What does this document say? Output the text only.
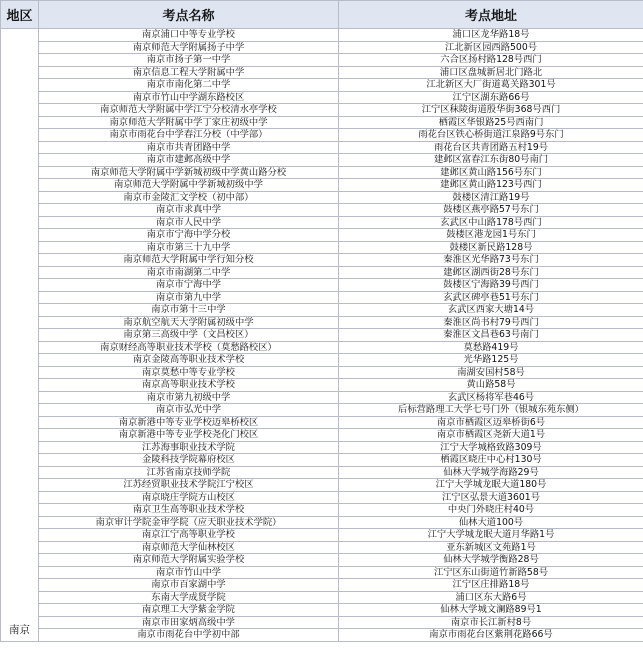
地区	考点名称	考点地址
南京	南京浦口中等专业学校	浦口区龙华路18号
	南京师范大学附属扬子中学	江北新区园西路500号
	南京市扬子第一中学	六合区扬村路128号西门
	南京信息工程大学附属中学	浦口区盘城新居北门路北
	南京市南化第二中学	江北新区大厂街道葛关路301号
	南京市竹山中学湖东路校区	江宁区湖东路66号
	南京师范大学附属中学江宁分校清水亭学校	江宁区秣陵街道殷华街368号西门
	南京师范大学附属中学丁家庄初级中学	栖霞区华银路25号西南门
	南京市雨花台中学春江分校（中学部）	雨花台区铁心桥街道江泉路9号东门
	南京市共青团路中学	雨花台区共青团路五村19号
	南京市建邺高级中学	建邺区富春江东街80号南门
	南京师范大学附属中学新城初级中学黄山路分校	建邺区黄山路156号东门
	南京师范大学附属中学新城初级中学	建邺区黄山路123号西门
	南京市金陵汇文学校（初中部）	鼓楼区清江路19号
	南京市求真中学	鼓楼区燕亭路57号东门
	南京市人民中学	玄武区中山路178号西门
	南京市宁海中学分校	鼓楼区港龙园1号东门
	南京市第三十九中学	鼓楼区新民路128号
	南京师范大学附属中学行知分校	秦淮区光华路73号东门
	南京市南湖第二中学	建邺区湖西街28号东门
	南京市宁海中学	鼓楼区宁海路39号西门
	南京市第九中学	玄武区碑亭巷51号东门
	南京市第十三中学	玄武区西家大塘14号
	南京航空航天大学附属初级中学	秦淮区尚书村79号西门
	南京第三高级中学（文昌校区）	秦淮区文昌巷63号南门
	南京财经高等职业技术学校（莫愁路校区）	莫愁路419号
	南京金陵高等职业技术学校	光华路125号
	南京莫愁中等专业学校	南湖安国村58号
	南京高等职业技术学校	黄山路58号
	南京市第九初级中学	玄武区杨将军巷46号
	南京市弘光中学	后标营路理工大学七号门外（银城东苑东侧）
	南京新港中等专业学校迈皋桥校区	南京市栖霞区迈皋桥街6号
	南京新港中等专业学校尧化门校区	南京市栖霞区尧新大道1号
	江苏海事职业技术学院	江宁大学城格致路309号
	金陵科技学院幕府校区	栖霞区晓庄中心村130号
	江苏省南京技师学院	仙林大学城学海路29号
	江苏经贸职业技术学院江宁校区	江宁大学城龙眠大道180号
	南京晓庄学院方山校区	江宁区弘景大道3601号
	南京卫生高等职业技术学校	中央门外晓庄村40号
	南京审计学院金审学院（应天职业技术学院）	仙林大道100号
	南京江宁高等职业学校	江宁大学城龙眠大道月华路1号
	南京师范大学仙林校区	亚东新城区文苑路1号
	南京师范大学附属实验学校	仙林大学城学衡路28号
	南京市竹山中学	江宁区东山街道竹新路58号
	南京市百家湖中学	江宁区庄排路18号
	东南大学成贤学院	浦口区东大路6号
	南京理工大学紫金学院	仙林大学城文澜路89号1
	南京市田家炳高级中学	南京市长江新村8号
	南京市雨花台中学初中部	南京市雨花台区紫荆花路66号
